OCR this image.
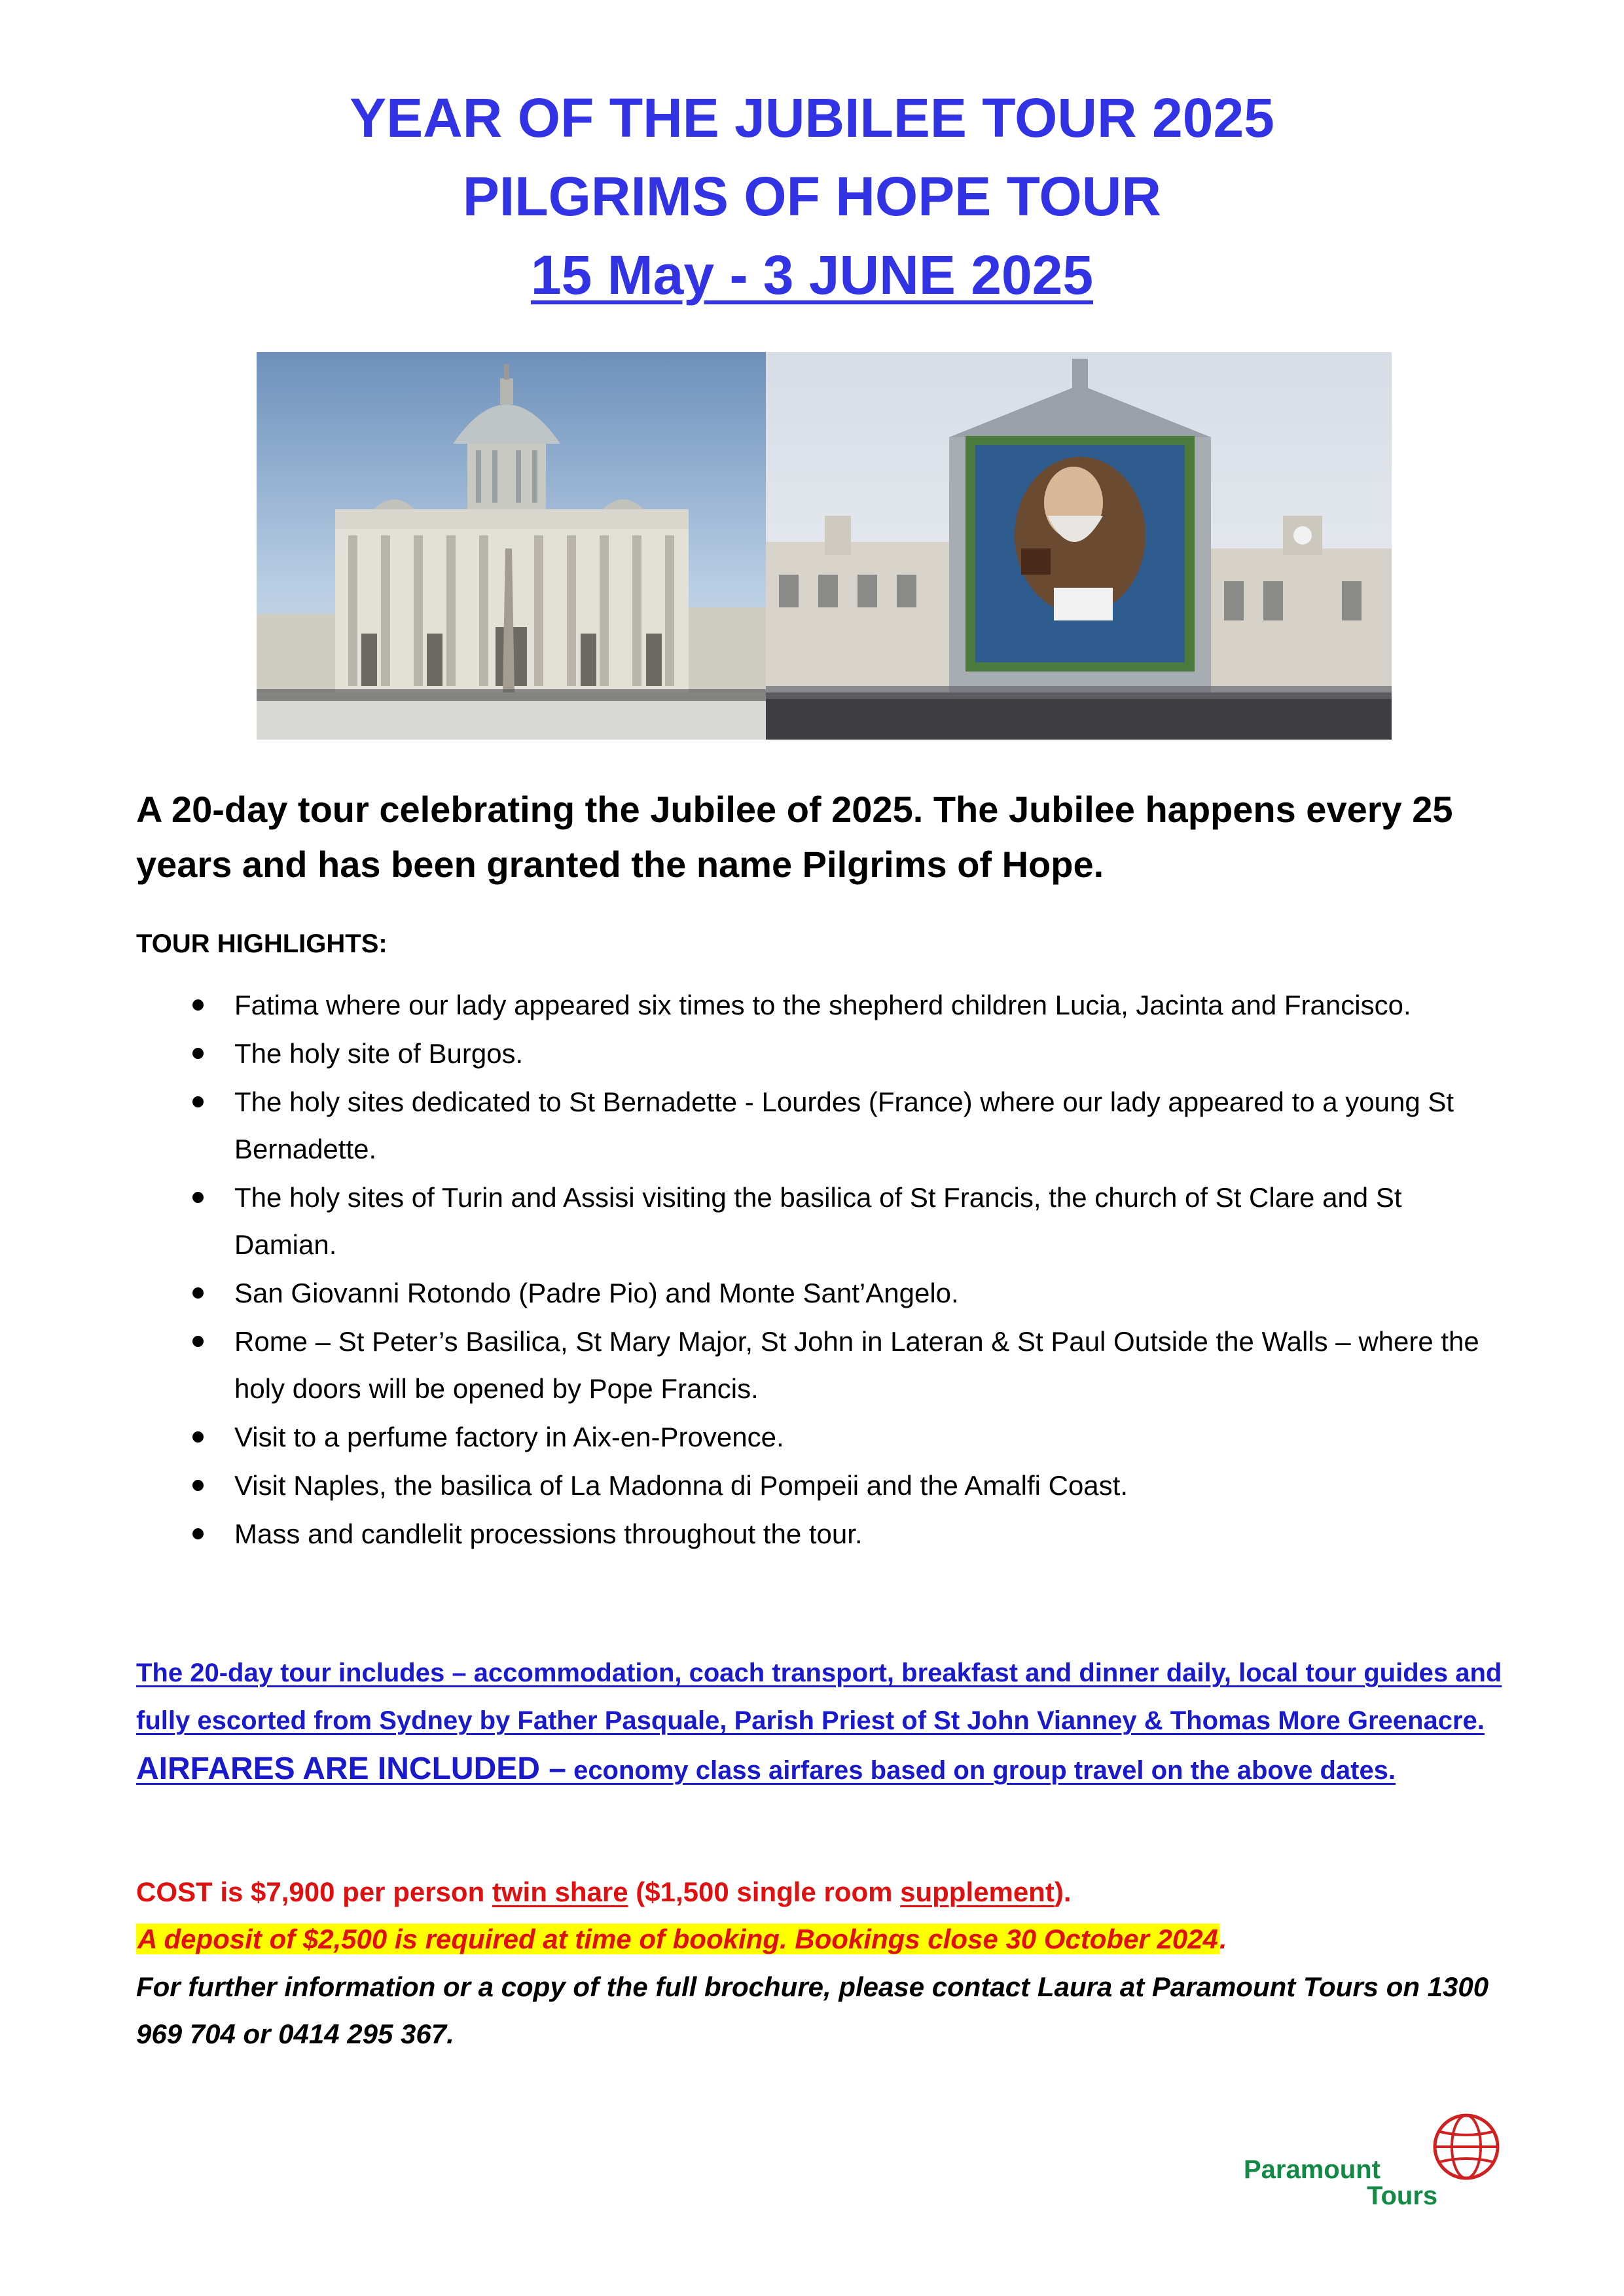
YEAR OF THE JUBILEE TOUR 2025
PILGRIMS OF HOPE TOUR
15 May - 3 JUNE 2025
A 20-day tour celebrating the Jubilee of 2025. The Jubilee happens every 25 years and has been granted the name Pilgrims of Hope.
TOUR HIGHLIGHTS:
Fatima where our lady appeared six times to the shepherd children Lucia, Jacinta and Francisco.
The holy site of Burgos.
The holy sites dedicated to St Bernadette - Lourdes (France) where our lady appeared to a young St Bernadette.
The holy sites of Turin and Assisi visiting the basilica of St Francis, the church of St Clare and St Damian.
San Giovanni Rotondo (Padre Pio) and Monte Sant’Angelo.
Rome – St Peter’s Basilica, St Mary Major, St John in Lateran & St Paul Outside the Walls – where the holy doors will be opened by Pope Francis.
Visit to a perfume factory in Aix-en-Provence.
Visit Naples, the basilica of La Madonna di Pompeii and the Amalfi Coast.
Mass and candlelit processions throughout the tour.
The 20-day tour includes – accommodation, coach transport, breakfast and dinner daily, local tour guides and fully escorted from Sydney by Father Pasquale, Parish Priest of St John Vianney & Thomas More Greenacre. AIRFARES ARE INCLUDED – economy class airfares based on group travel on the above dates.
COST is $7,900 per person twin share ($1,500 single room supplement).
A deposit of $2,500 is required at time of booking. Bookings close 30 October 2024.
For further information or a copy of the full brochure, please contact Laura at Paramount Tours on 1300 969 704 or 0414 295 367.
Paramount
Tours
